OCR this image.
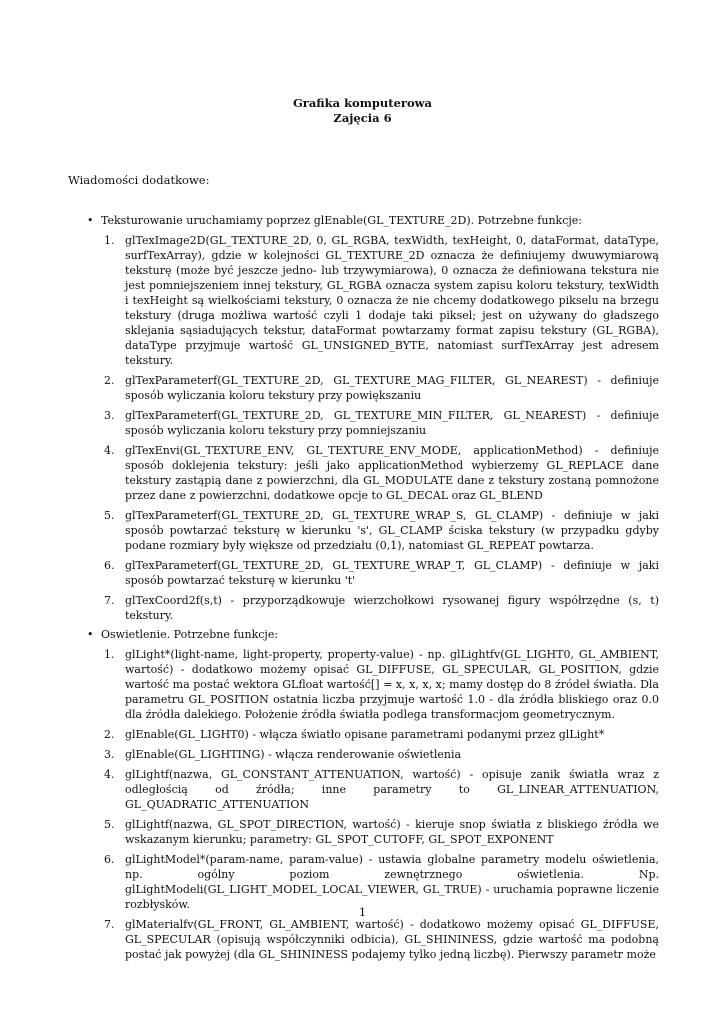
Grafika komputerowa
Zajęcia 6
Wiadomości dodatkowe:
• Teksturowanie uruchamiamy poprzez glEnable(GL_TEXTURE_2D). Potrzebne funkcje:
1. glTexImage2D(GL_TEXTURE_2D, 0, GL_RGBA, texWidth, texHeight, 0, dataFormat, dataType, surfTexArray), gdzie w kolejności GL_TEXTURE_2D oznacza że definiujemy dwuwymiarową teksturę (może być jeszcze jedno- lub trzywymiarowa), 0 oznacza że definiowana tekstura nie jest pomniejszeniem innej tekstury, GL_RGBA oznacza system zapisu koloru tekstury, texWidth i texHeight są wielkościami tekstury, 0 oznacza że nie chcemy dodatkowego pikselu na brzegu tekstury (druga możliwa wartość czyli 1 dodaje taki piksel; jest on używany do gładszego sklejania sąsiadujących tekstur, dataFormat powtarzamy format zapisu tekstury (GL_RGBA), dataType przyjmuje wartość GL_UNSIGNED_BYTE, natomiast surfTexArray jest adresem tekstury.
2. glTexParameterf(GL_TEXTURE_2D, GL_TEXTURE_MAG_FILTER, GL_NEAREST) - definiuje sposób wyliczania koloru tekstury przy powiększaniu
3. glTexParameterf(GL_TEXTURE_2D, GL_TEXTURE_MIN_FILTER, GL_NEAREST) - definiuje sposób wyliczania koloru tekstury przy pomniejszaniu
4. glTexEnvi(GL_TEXTURE_ENV, GL_TEXTURE_ENV_MODE, applicationMethod) - definiuje sposób doklejenia tekstury: jeśli jako applicationMethod wybierzemy GL_REPLACE dane tekstury zastąpią dane z powierzchni, dla GL_MODULATE dane z tekstury zostaną pomnożone przez dane z powierzchni, dodatkowe opcje to GL_DECAL oraz GL_BLEND
5. glTexParameterf(GL_TEXTURE_2D, GL_TEXTURE_WRAP_S, GL_CLAMP) - definiuje w jaki sposób powtarzać teksturę w kierunku 's', GL_CLAMP ściska tekstury (w przypadku gdyby podane rozmiary były większe od przedziału (0,1), natomiast GL_REPEAT powtarza.
6. glTexParameterf(GL_TEXTURE_2D, GL_TEXTURE_WRAP_T, GL_CLAMP) - definiuje w jaki sposób powtarzać teksturę w kierunku 't'
7. glTexCoord2f(s,t) - przyporządkowuje wierzchołkowi rysowanej figury współrzędne (s, t) tekstury.
• Oswietlenie. Potrzebne funkcje:
1. glLight*(light-name, light-property, property-value) - np. glLightfv(GL_LIGHT0, GL_AMBIENT, wartość) - dodatkowo możemy opisać GL_DIFFUSE, GL_SPECULAR, GL_POSITION, gdzie wartość ma postać wektora GLfloat wartość[] = x, x, x, x; mamy dostęp do 8 źródeł światła. Dla parametru GL_POSITION ostatnia liczba przyjmuje wartość 1.0 - dla źródła bliskiego oraz 0.0 dla źródła dalekiego. Położenie źródła światła podlega transformacjom geometrycznym.
2. glEnable(GL_LIGHT0) - włącza światło opisane parametrami podanymi przez glLight*
3. glEnable(GL_LIGHTING) - włącza renderowanie oświetlenia
4. glLightf(nazwa, GL_CONSTANT_ATTENUATION, wartość) - opisuje zanik światła wraz z odległością od źródła; inne parametry to GL_LINEAR_ATTENUATION, GL_QUADRATIC_ATTENUATION
5. glLightf(nazwa, GL_SPOT_DIRECTION, wartość) - kieruje snop światła z bliskiego źródła we wskazanym kierunku; parametry: GL_SPOT_CUTOFF, GL_SPOT_EXPONENT
6. glLightModel*(param-name, param-value) - ustawia globalne parametry modelu oświetlenia, np. ogólny poziom zewnętrznego oświetlenia. Np. glLightModeli(GL_LIGHT_MODEL_LOCAL_VIEWER, GL_TRUE) - uruchamia poprawne liczenie rozbłysków.
7. glMaterialfv(GL_FRONT, GL_AMBIENT, wartość) - dodatkowo możemy opisać GL_DIFFUSE, GL_SPECULAR (opisują współczynniki odbicia), GL_SHININESS, gdzie wartość ma podobną postać jak powyżej (dla GL_SHININESS podajemy tylko jedną liczbę). Pierwszy parametr może
1
